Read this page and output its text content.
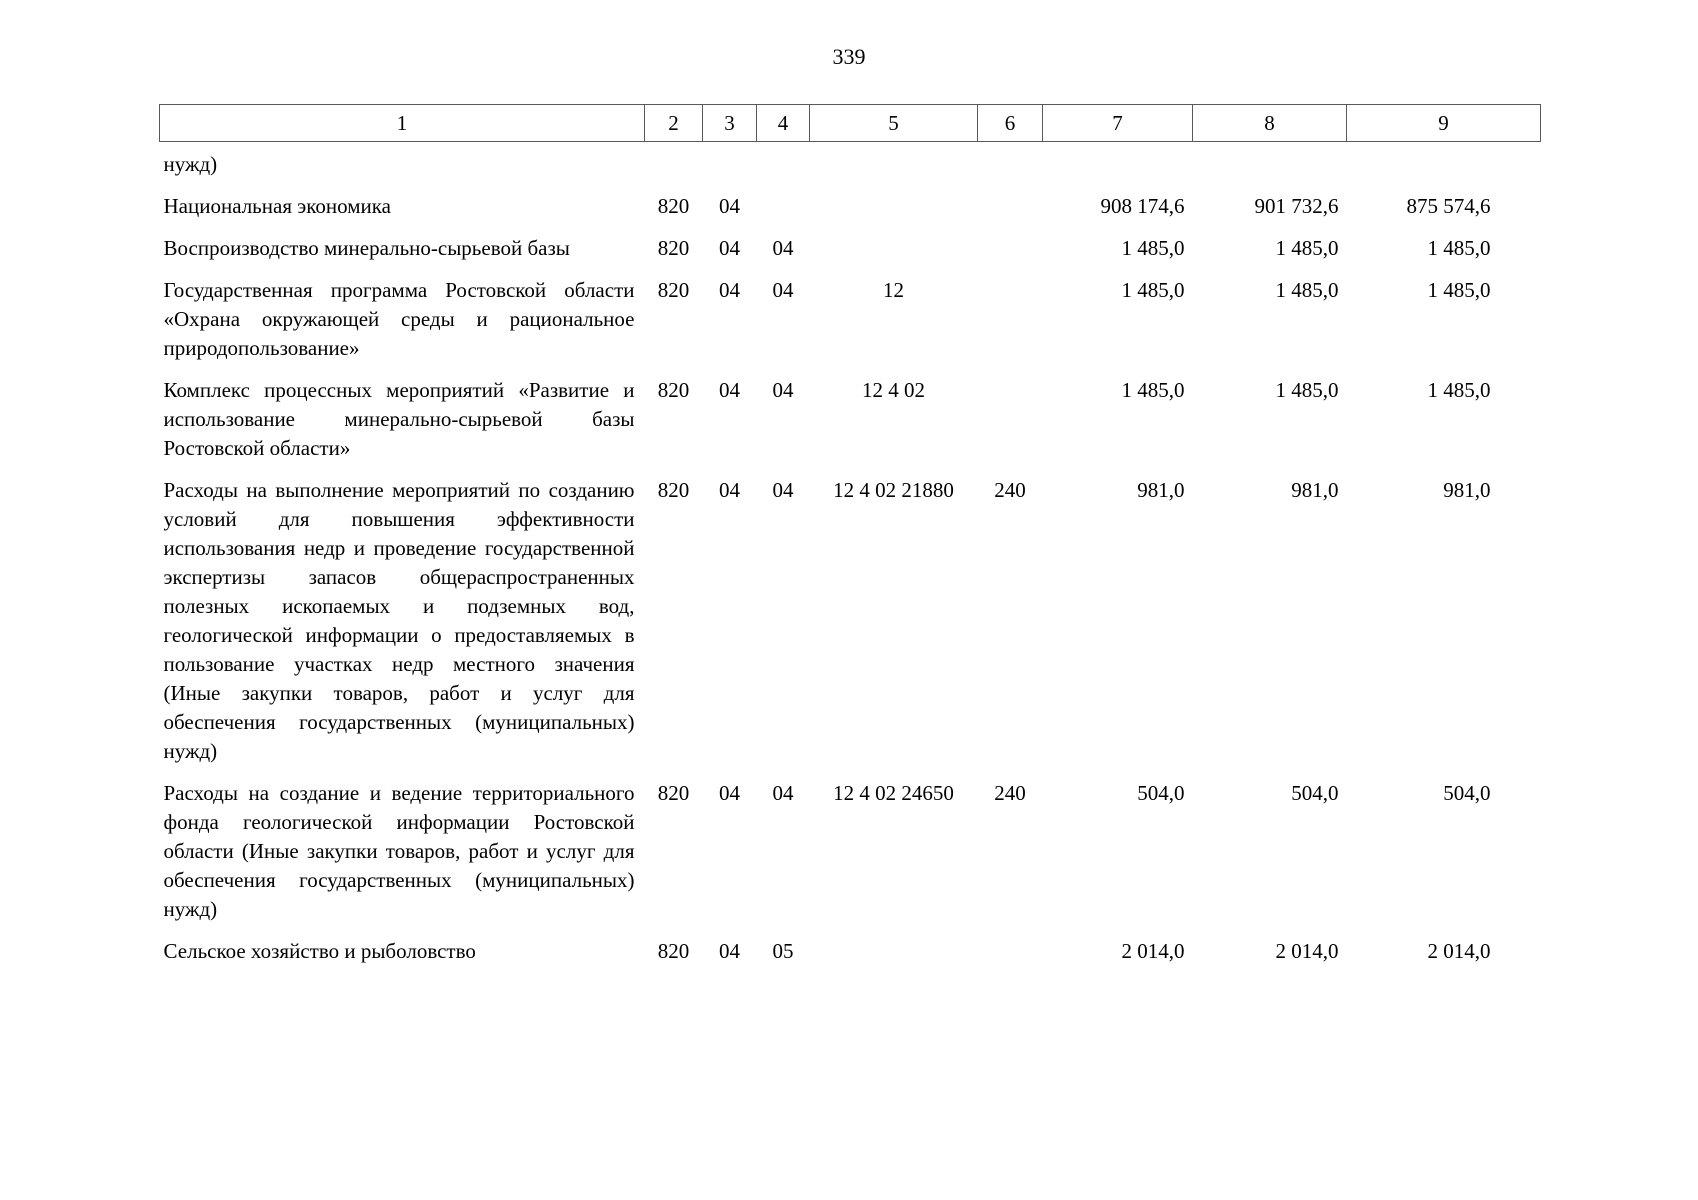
339
1	2	3	4	5	6	7	8	9
нужд)								
Национальная экономика	820	04				908 174,6	901 732,6	875 574,6
Воспроизводство минерально-сырьевой базы	820	04	04			1 485,0	1 485,0	1 485,0
Государственная программа Ростовской области «Охрана окружающей среды и рациональное природопользование»	820	04	04	12		1 485,0	1 485,0	1 485,0
Комплекс процессных мероприятий «Развитие и использование минерально-сырьевой базы Ростовской области»	820	04	04	12 4 02		1 485,0	1 485,0	1 485,0
Расходы на выполнение мероприятий по созданию условий для повышения эффективности использования недр и проведение государственной экспертизы запасов общераспространенных полезных ископаемых и подземных вод, геологической информации о предоставляемых в пользование участках недр местного значения (Иные закупки товаров, работ и услуг для обеспечения государственных (муниципальных) нужд)	820	04	04	12 4 02 21880	240	981,0	981,0	981,0
Расходы на создание и ведение территориального фонда геологической информации Ростовской области (Иные закупки товаров, работ и услуг для обеспечения государственных (муниципальных) нужд)	820	04	04	12 4 02 24650	240	504,0	504,0	504,0
Сельское хозяйство и рыболовство	820	04	05			2 014,0	2 014,0	2 014,0
